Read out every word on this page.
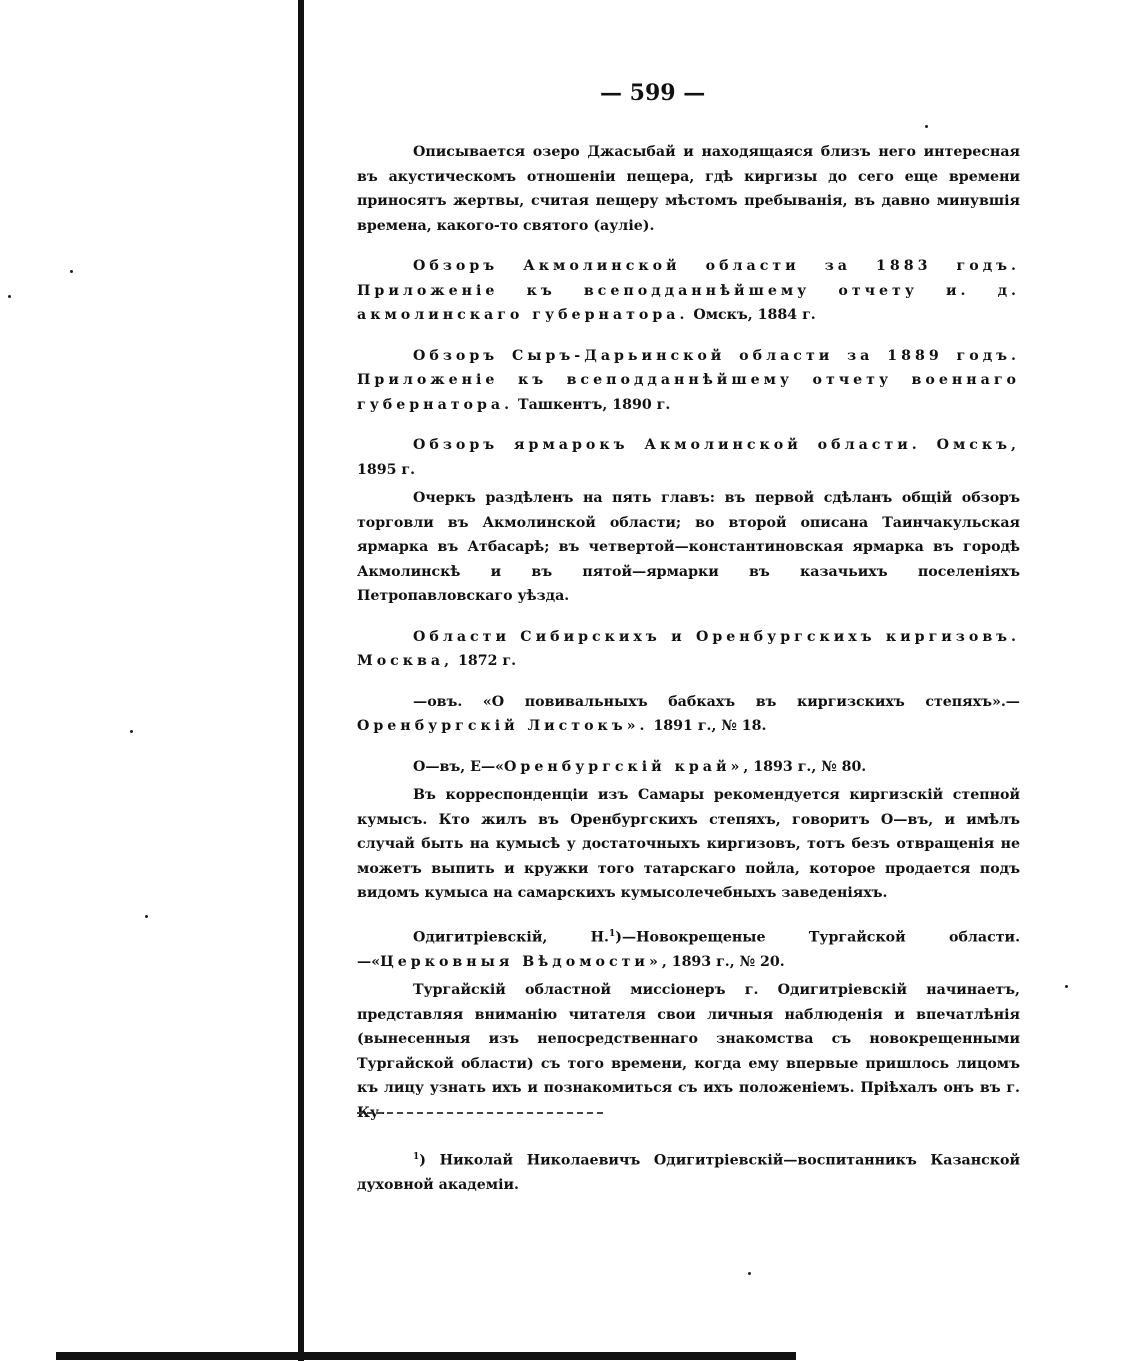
— 599 —

Описывается озеро Джасыбай и находящаяся близъ него интересная въ акустическомъ отношеніи пещера, гдѣ киргизы до сего еще времени приносятъ жертвы, считая пещеру мѣстомъ пребыванія, въ давно минувшія времена, какого-то святого (ауліе).

Обзоръ Акмолинской области за 1883 годъ. Приложеніе къ всеподданнѣйшему отчету и. д. акмолинскаго губернатора. Омскъ, 1884 г.

Обзоръ Сыръ-Дарьинской области за 1889 годъ. Приложеніе къ всеподданнѣйшему отчету военнаго губернатора. Ташкентъ, 1890 г.

Обзоръ ярмарокъ Акмолинской области. Омскъ, 1895 г.

Очеркъ раздѣленъ на пять главъ: въ первой сдѣланъ общій обзоръ торговли въ Акмолинской области; во второй описана Таинчакульская ярмарка въ Атбасарѣ; въ четвертой—константиновская ярмарка въ городѣ Акмолинскѣ и въ пятой—ярмарки въ казачьихъ поселеніяхъ Петропавловскаго уѣзда.

Области Сибирскихъ и Оренбургскихъ киргизовъ. Москва, 1872 г.

—овъ. «О повивальныхъ бабкахъ въ киргизскихъ степяхъ».—Оренбургскій Листокъ». 1891 г., № 18.

О—въ, Е—«Оренбургскій край», 1893 г., № 80.

Въ корреспонденціи изъ Самары рекомендуется киргизскій степной кумысъ. Кто жилъ въ Оренбургскихъ степяхъ, говоритъ О—въ, и имѣлъ случай быть на кумысѣ у достаточныхъ киргизовъ, тотъ безъ отвращенія не можетъ выпить и кружки того татарскаго пойла, которое продается подъ видомъ кумыса на самарскихъ кумысолечебныхъ заведеніяхъ.

Одигитріевскій, Н.$^1$)—Новокрещеные Тургайской области.—«Церковныя Вѣдомости», 1893 г., № 20.

Тургайскій областной миссіонеръ г. Одигитріевскій начинаетъ, представляя вниманію читателя свои личныя наблюденія и впечатлѣнія (вынесенныя изъ непосредственнаго знакомства съ новокрещенными Тургайской области) съ того времени, когда ему впервые пришлось лицомъ къ лицу узнать ихъ и познакомиться съ ихъ положеніемъ. Пріѣхалъ онъ въ г. Ку-

$^1$) Николай Николаевичъ Одигитріевскій—воспитанникъ Казанской духовной академіи.
